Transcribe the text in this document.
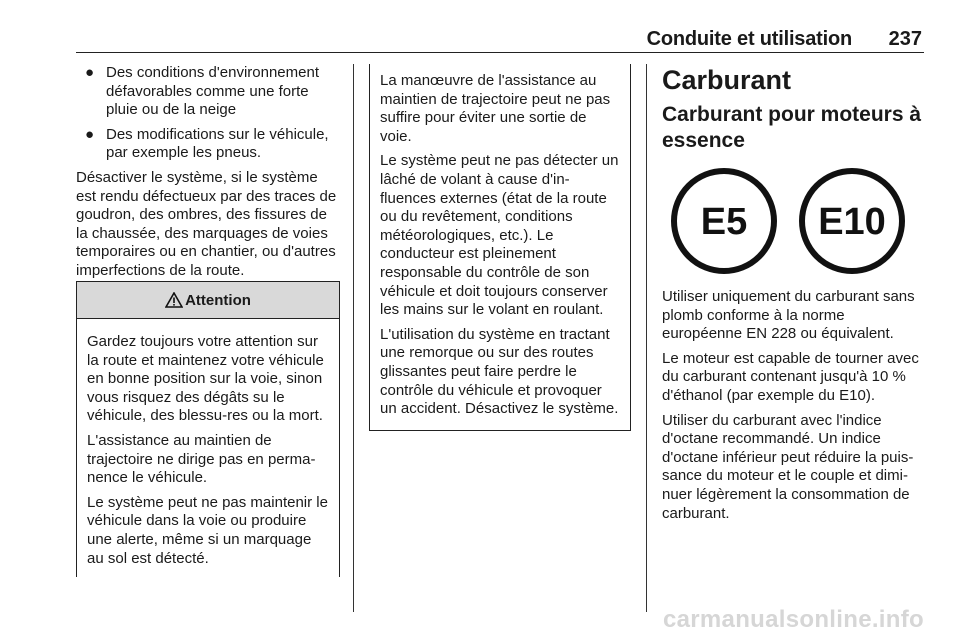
Conduite et utilisation 237
● Des conditions d'environnement défavorables comme une forte pluie ou de la neige
● Des modifications sur le véhicule, par exemple les pneus.

Désactiver le système, si le système est rendu défectueux par des traces de goudron, des ombres, des fissures de la chaussée, des marquages de voies temporaires ou en chantier, ou d'autres imperfections de la route.

Attention

Gardez toujours votre attention sur la route et maintenez votre véhicule en bonne position sur la voie, sinon vous risquez des dégâts su le véhicule, des blessu-res ou la mort.

L'assistance au maintien de trajectoire ne dirige pas en perma-nence le véhicule.

Le système peut ne pas maintenir le véhicule dans la voie ou produire une alerte, même si un marquage au sol est détecté.

La manœuvre de l'assistance au maintien de trajectoire peut ne pas suffire pour éviter une sortie de voie.

Le système peut ne pas détecter un lâché de volant à cause d'in-fluences externes (état de la route ou du revêtement, conditions météorologiques, etc.). Le conducteur est pleinement responsable du contrôle de son véhicule et doit toujours conserver les mains sur le volant en roulant.

L'utilisation du système en tractant une remorque ou sur des routes glissantes peut faire perdre le contrôle du véhicule et provoquer un accident. Désactivez le système.

Carburant
Carburant pour moteurs à essence
E5 E10

Utiliser uniquement du carburant sans plomb conforme à la norme européenne EN 228 ou équivalent.

Le moteur est capable de tourner avec du carburant contenant jusqu'à 10 % d'éthanol (par exemple du E10).

Utiliser du carburant avec l'indice d'octane recommandé. Un indice d'octane inférieur peut réduire la puis-sance du moteur et le couple et dimi-nuer légèrement la consommation de carburant.

carmanualsonline.info
